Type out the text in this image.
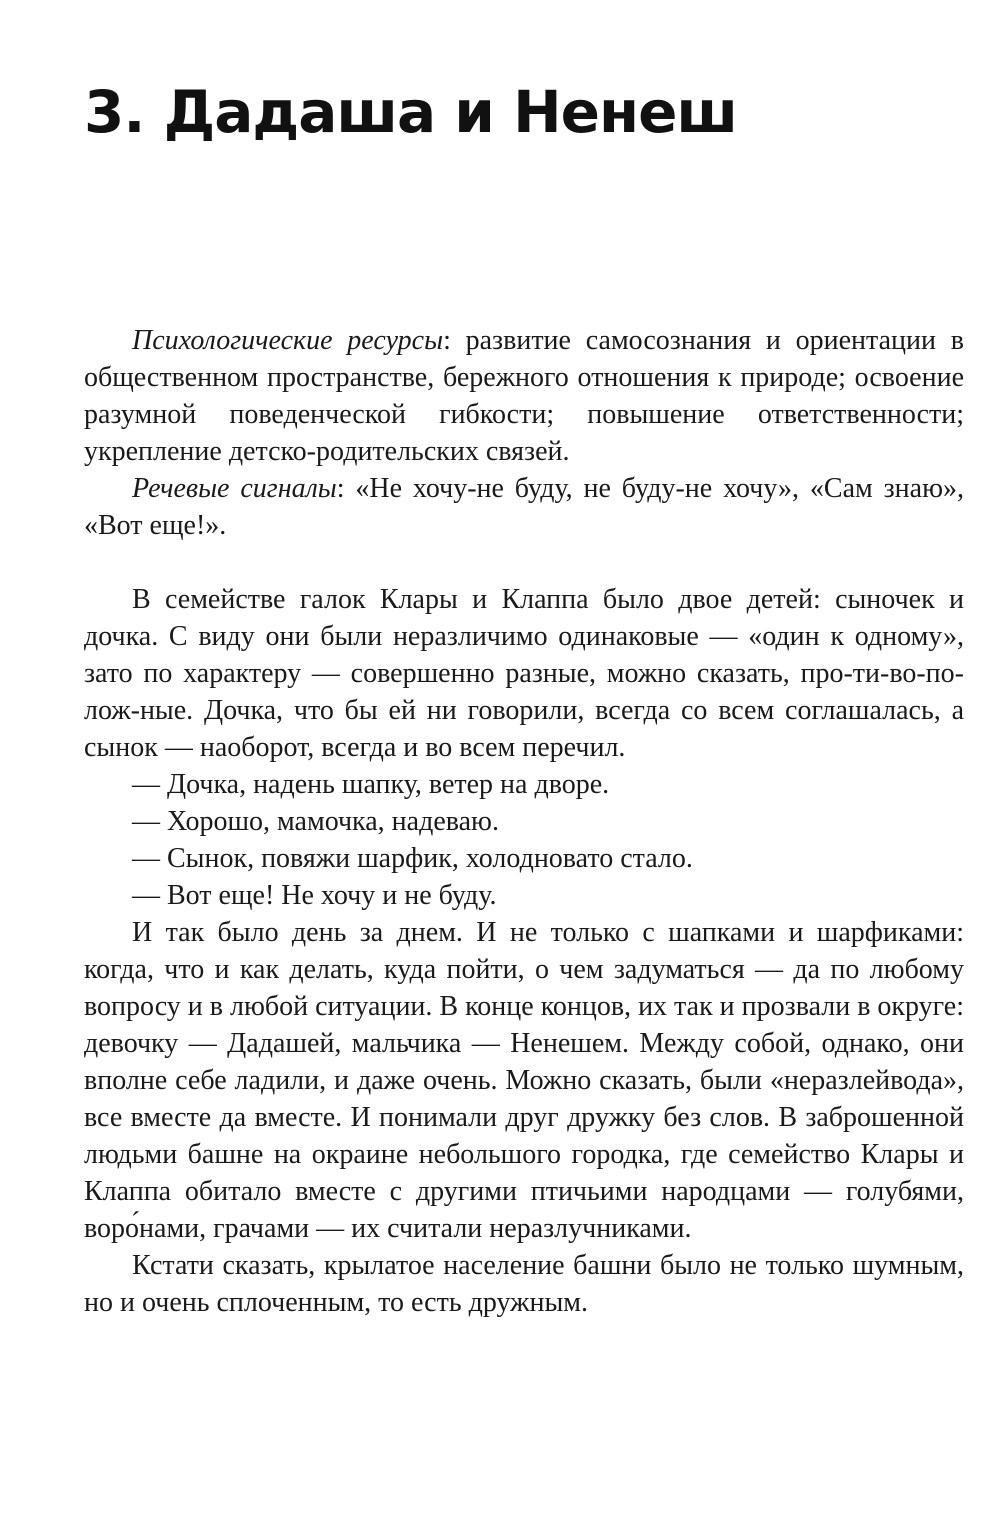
3. Дадаша и Ненеш

Психологические ресурсы: развитие самосознания и ориентации в общественном пространстве, бережного отношения к природе; освоение разумной поведенческой гибкости; повышение ответственности; укрепление детско-родительских связей.

Речевые сигналы: «Не хочу-не буду, не буду-не хочу», «Сам знаю», «Вот еще!».

В семействе галок Клары и Клаппа было двое детей: сыночек и дочка. С виду они были неразличимо одинаковые — «один к одному», зато по характеру — совершенно разные, можно сказать, про-ти-во-по-лож-ные. Дочка, что бы ей ни говорили, всегда со всем соглашалась, а сынок — наоборот, всегда и во всем перечил.

— Дочка, надень шапку, ветер на дворе.

— Хорошо, мамочка, надеваю.

— Сынок, повяжи шарфик, холодновато стало.

— Вот еще! Не хочу и не буду.

И так было день за днем. И не только с шапками и шарфиками: когда, что и как делать, куда пойти, о чем задуматься — да по любому вопросу и в любой ситуации. В конце концов, их так и прозвали в округе: девочку — Дадашей, мальчика — Ненешем. Между собой, однако, они вполне себе ладили, и даже очень. Можно сказать, были «неразлейвода», все вместе да вместе. И понимали друг дружку без слов. В заброшенной людьми башне на окраине небольшого городка, где семейство Клары и Клаппа обитало вместе с другими птичьими народцами — голубями, воро́нами, грачами — их считали неразлучниками.

Кстати сказать, крылатое население башни было не только шумным, но и очень сплоченным, то есть дружным.
